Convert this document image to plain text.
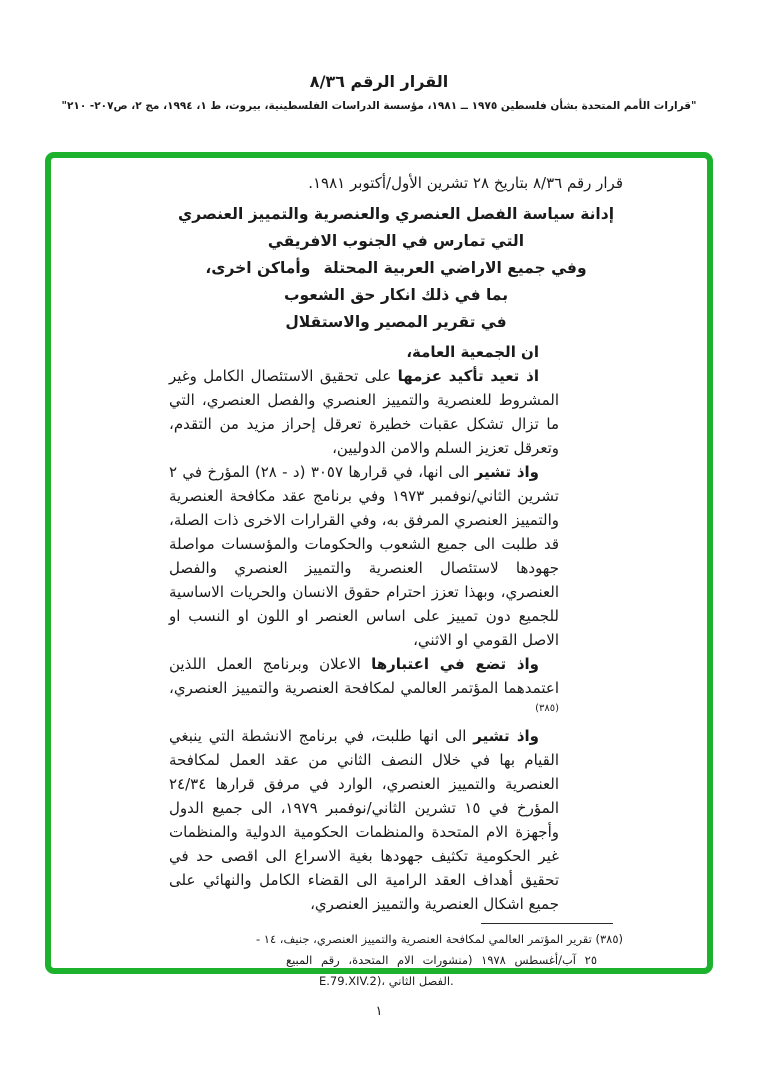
القرار الرقم ٨/٣٦

"قرارات الأمم المتحدة بشأن فلسطين ١٩٧٥ ــ ١٩٨١، مؤسسة الدراسات الفلسطينية، بيروت، ط ١، ١٩٩٤، مج ٢، ص٢٠٧- ٢١٠"

قرار رقم ٨/٣٦ بتاريخ ٢٨ تشرين الأول/أكتوبر ١٩٨١.

إدانة سياسة الفصل العنصري والعنصرية والتمييز العنصري

التي تمارس في الجنوب الافريقي

وفي جميع الاراضي العربية المحتلة  وأماكن اخرى،

بما في ذلك انكار حق الشعوب

في تقرير المصير والاستقلال

ان الجمعية العامة،

اذ تعيد تأكيد عزمها على تحقيق الاستئصال الكامل وغير المشروط للعنصرية والتمييز العنصري والفصل العنصري، التي ما تزال تشكل عقبات خطيرة تعرقل إحراز مزيد من التقدم، وتعرقل تعزيز السلم والامن الدوليين،

واذ تشير الى انها، في قرارها ٣٠٥٧ (د - ٢٨) المؤرخ في ٢ تشرين الثاني/نوفمبر ١٩٧٣ وفي برنامج عقد مكافحة العنصرية والتمييز العنصري المرفق به، وفي القرارات الاخرى ذات الصلة، قد طلبت الى جميع الشعوب والحكومات والمؤسسات مواصلة جهودها لاستئصال العنصرية والتمييز العنصري والفصل العنصري، وبهذا تعزز احترام حقوق الانسان والحريات الاساسية للجميع دون تمييز على اساس العنصر او اللون او النسب او الاصل القومي او الاثني،

واذ تضع في اعتبارها الاعلان وبرنامج العمل اللذين اعتمدهما المؤتمر العالمي لمكافحة العنصرية والتمييز العنصري،$^{(٣٨٥)}$

واذ تشير الى انها طلبت، في برنامج الانشطة التي ينبغي القيام بها في خلال النصف الثاني من عقد العمل لمكافحة العنصرية والتمييز العنصري، الوارد في مرفق قرارها ٢٤/٣٤ المؤرخ في ١٥ تشرين الثاني/نوفمبر ١٩٧٩، الى جميع الدول وأجهزة الام المتحدة والمنظمات الحكومية الدولية والمنظمات غير الحكومية تكثيف جهودها بغية الاسراع الى اقصى حد في تحقيق أهداف العقد الرامية الى القضاء الكامل والنهائي على جميع اشكال العنصرية والتمييز العنصري،

(٣٨٥) تقرير المؤتمر العالمي لمكافحة العنصرية والتمييز العنصري، جنيف، ١٤ -

٢٥ آب/أغسطس ١٩٧٨ (منشورات الام المتحدة، رقم المبيع

E.79.XIV.2)، الفصل الثاني.

١
